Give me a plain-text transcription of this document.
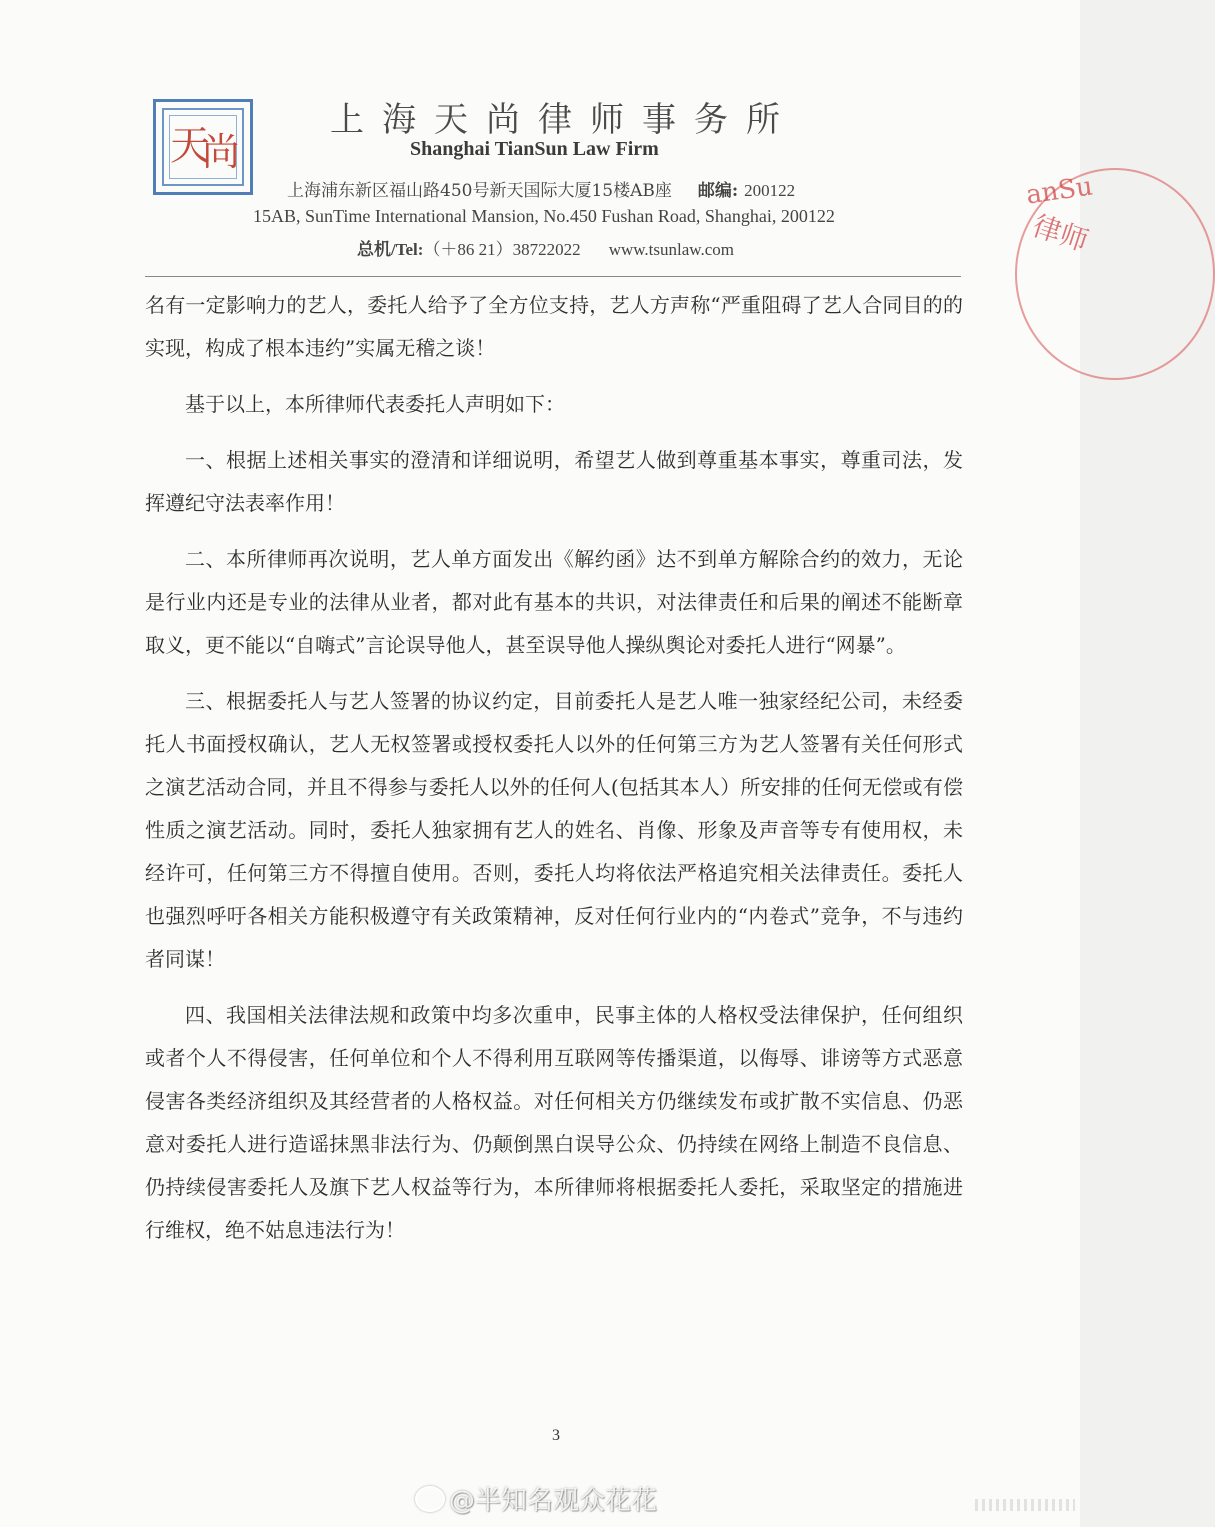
天
尚
上海天尚律师事务所
Shanghai TianSun Law Firm
上海浦东新区福山路450号新天国际大厦15楼AB座 邮编: 200122
15AB, SunTime International Mansion, No.450 Fushan Road, Shanghai, 200122
总机/Tel:（＋86 21）38722022 www.tsunlaw.com
anSu
律师

名有一定影响力的艺人，委托人给予了全方位支持，艺人方声称“严重阻碍了艺人合同目的的实现，构成了根本违约”实属无稽之谈！

基于以上，本所律师代表委托人声明如下：

一、根据上述相关事实的澄清和详细说明，希望艺人做到尊重基本事实，尊重司法，发挥遵纪守法表率作用！

二、本所律师再次说明，艺人单方面发出《解约函》达不到单方解除合约的效力，无论是行业内还是专业的法律从业者，都对此有基本的共识，对法律责任和后果的阐述不能断章取义，更不能以“自嗨式”言论误导他人，甚至误导他人操纵舆论对委托人进行“网暴”。

三、根据委托人与艺人签署的协议约定，目前委托人是艺人唯一独家经纪公司，未经委托人书面授权确认，艺人无权签署或授权委托人以外的任何第三方为艺人签署有关任何形式之演艺活动合同，并且不得参与委托人以外的任何人(包括其本人）所安排的任何无偿或有偿性质之演艺活动。同时，委托人独家拥有艺人的姓名、肖像、形象及声音等专有使用权，未经许可，任何第三方不得擅自使用。否则，委托人均将依法严格追究相关法律责任。委托人也强烈呼吁各相关方能积极遵守有关政策精神，反对任何行业内的“内卷式”竞争，不与违约者同谋！

四、我国相关法律法规和政策中均多次重申，民事主体的人格权受法律保护，任何组织或者个人不得侵害，任何单位和个人不得利用互联网等传播渠道，以侮辱、诽谤等方式恶意侵害各类经济组织及其经营者的人格权益。对任何相关方仍继续发布或扩散不实信息、仍恶意对委托人进行造谣抹黑非法行为、仍颠倒黑白误导公众、仍持续在网络上制造不良信息、仍持续侵害委托人及旗下艺人权益等行为，本所律师将根据委托人委托，采取坚定的措施进行维权，绝不姑息违法行为！

3
@半知名观众花花
